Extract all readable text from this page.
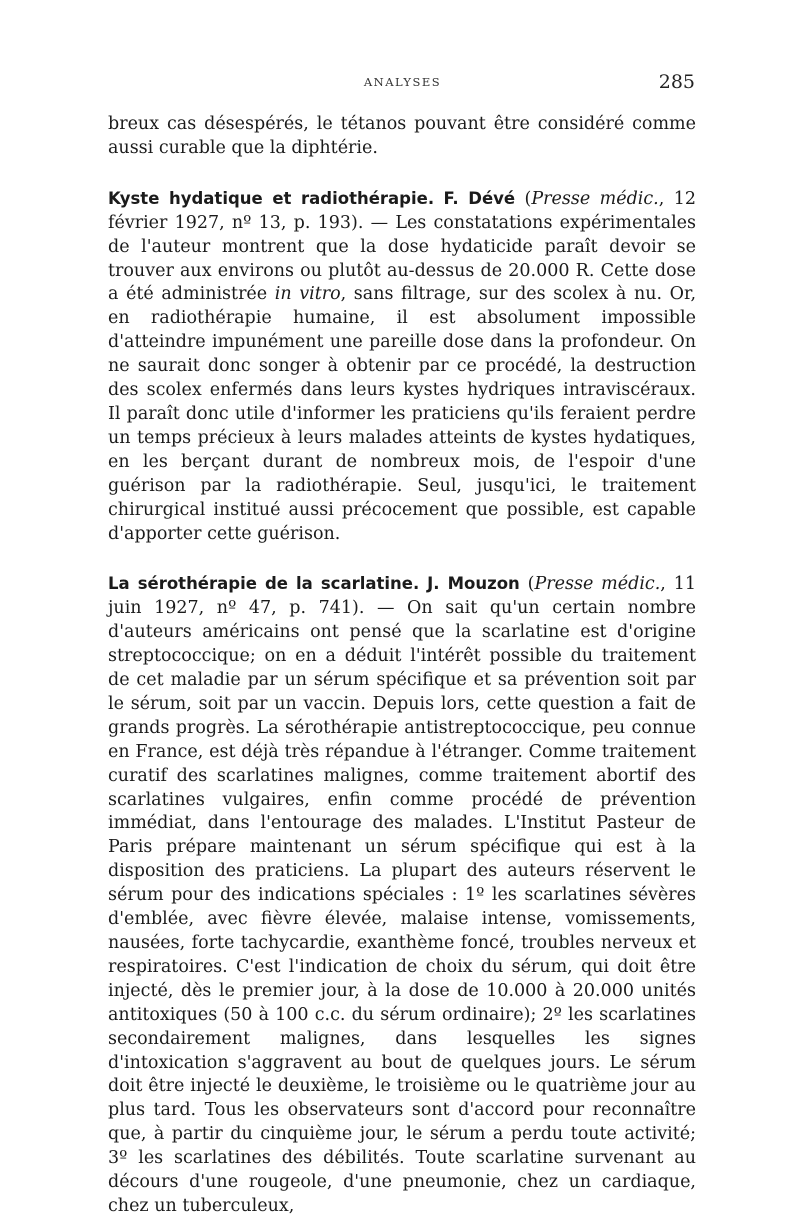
ANALYSES	285

breux cas désespérés, le tétanos pouvant être considéré comme aussi curable que la diphtérie.

Kyste hydatique et radiothérapie. F. Dévé (Presse médic., 12 février 1927, nº 13, p. 193). — Les constatations expérimentales de l'auteur montrent que la dose hydaticide paraît devoir se trouver aux environs ou plutôt au-dessus de 20.000 R. Cette dose a été administrée in vitro, sans filtrage, sur des scolex à nu. Or, en radiothérapie humaine, il est absolument impossible d'atteindre impunément une pareille dose dans la profondeur. On ne saurait donc songer à obtenir par ce procédé, la destruction des scolex enfermés dans leurs kystes hydriques intraviscéraux. Il paraît donc utile d'informer les praticiens qu'ils feraient perdre un temps précieux à leurs malades atteints de kystes hydatiques, en les berçant durant de nombreux mois, de l'espoir d'une guérison par la radiothérapie. Seul, jusqu'ici, le traitement chirurgical institué aussi précocement que possible, est capable d'apporter cette guérison.

La sérothérapie de la scarlatine. J. Mouzon (Presse médic., 11 juin 1927, nº 47, p. 741). — On sait qu'un certain nombre d'auteurs américains ont pensé que la scarlatine est d'origine streptococcique; on en a déduit l'intérêt possible du traitement de cet maladie par un sérum spécifique et sa prévention soit par le sérum, soit par un vaccin. Depuis lors, cette question a fait de grands progrès. La sérothérapie antistreptococcique, peu connue en France, est déjà très répandue à l'étranger. Comme traitement curatif des scarlatines malignes, comme traitement abortif des scarlatines vulgaires, enfin comme procédé de prévention immédiat, dans l'entourage des malades. L'Institut Pasteur de Paris prépare maintenant un sérum spécifique qui est à la disposition des praticiens. La plupart des auteurs réservent le sérum pour des indications spéciales : 1º les scarlatines sévères d'emblée, avec fièvre élevée, malaise intense, vomissements, nausées, forte tachycardie, exanthème foncé, troubles nerveux et respiratoires. C'est l'indication de choix du sérum, qui doit être injecté, dès le premier jour, à la dose de 10.000 à 20.000 unités antitoxiques (50 à 100 c.c. du sérum ordinaire); 2º les scarlatines secondairement malignes, dans lesquelles les signes d'intoxication s'aggravent au bout de quelques jours. Le sérum doit être injecté le deuxième, le troisième ou le quatrième jour au plus tard. Tous les observateurs sont d'accord pour reconnaître que, à partir du cinquième jour, le sérum a perdu toute activité; 3º les scarlatines des débilités. Toute scarlatine survenant au décours d'une rougeole, d'une pneumonie, chez un cardiaque, chez un tuberculeux,
